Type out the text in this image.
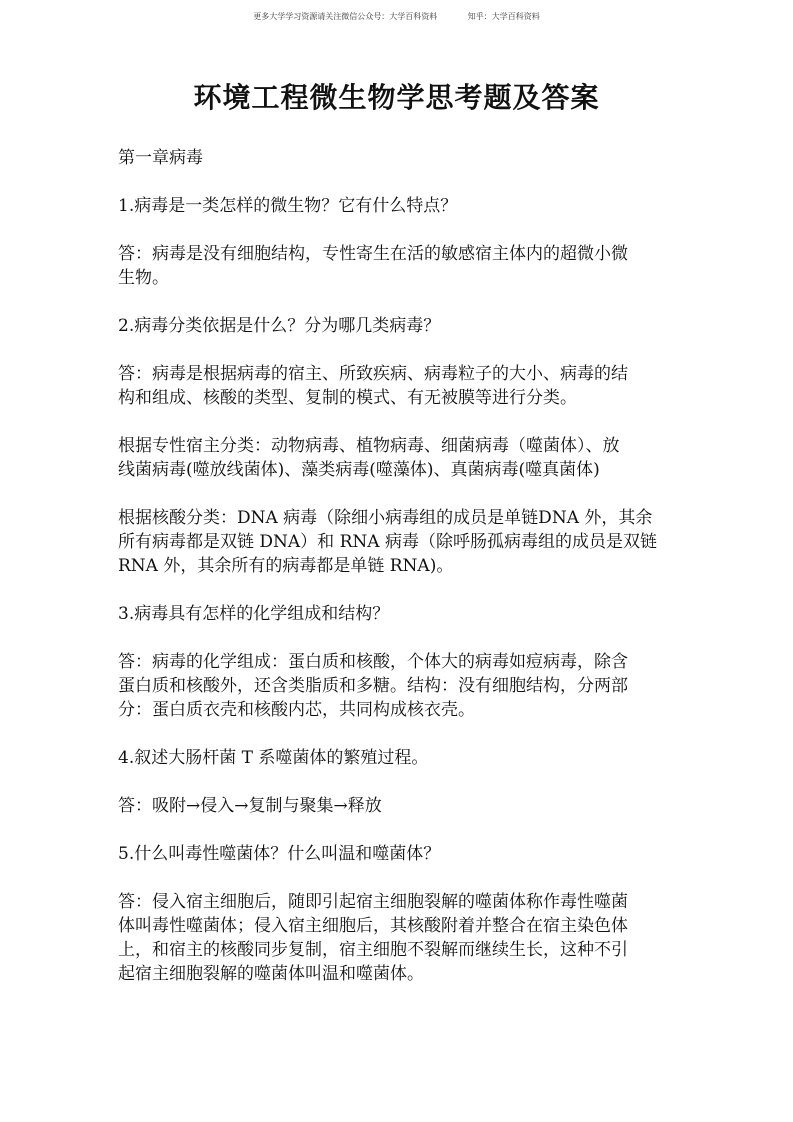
更多大学学习资源请关注微信公众号：大学百科资料	知乎：大学百科资料
环境工程微生物学思考题及答案
第一章病毒
1.病毒是一类怎样的微生物？它有什么特点？
答：病毒是没有细胞结构，专性寄生在活的敏感宿主体内的超微小微
生物。
2.病毒分类依据是什么？分为哪几类病毒？
答：病毒是根据病毒的宿主、所致疾病、病毒粒子的大小、病毒的结
构和组成、核酸的类型、复制的模式、有无被膜等进行分类。
根据专性宿主分类：动物病毒、植物病毒、细菌病毒（噬菌体）、放
线菌病毒(噬放线菌体)、藻类病毒(噬藻体)、真菌病毒(噬真菌体)
根据核酸分类：DNA 病毒（除细小病毒组的成员是单链DNA 外，其余
所有病毒都是双链 DNA）和 RNA 病毒（除呼肠孤病毒组的成员是双链
RNA 外，其余所有的病毒都是单链 RNA)。
3.病毒具有怎样的化学组成和结构？
答：病毒的化学组成：蛋白质和核酸，个体大的病毒如痘病毒，除含
蛋白质和核酸外，还含类脂质和多糖。结构：没有细胞结构，分两部
分：蛋白质衣壳和核酸内芯，共同构成核衣壳。
4.叙述大肠杆菌 T 系噬菌体的繁殖过程。
答：吸附→侵入→复制与聚集→释放
5.什么叫毒性噬菌体？什么叫温和噬菌体？
答：侵入宿主细胞后，随即引起宿主细胞裂解的噬菌体称作毒性噬菌
体叫毒性噬菌体；侵入宿主细胞后，其核酸附着并整合在宿主染色体
上，和宿主的核酸同步复制，宿主细胞不裂解而继续生长，这种不引
起宿主细胞裂解的噬菌体叫温和噬菌体。
